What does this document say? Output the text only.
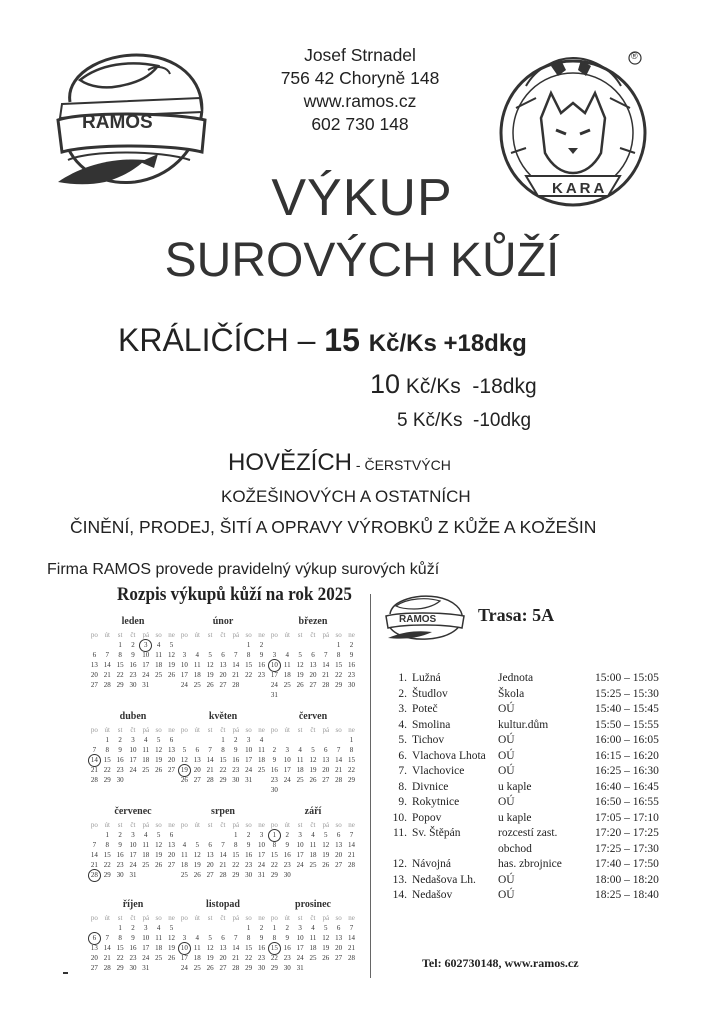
RAMOS
KARA
®
Josef Strnadel
756 42 Choryně 148
www.ramos.cz
602 730 148
VÝKUP
SUROVÝCH KŮŽÍ
KRÁLIČÍCH – 15 Kč/Ks +18dkg
10 Kč/Ks  -18dkg
5 Kč/Ks  -10dkg
HOVĚZÍCH - ČERSTVÝCH
KOŽEŠINOVÝCH A OSTATNÍCH
ČINĚNÍ, PRODEJ, ŠITÍ A OPRAVY VÝROBKŮ Z KŮŽE A KOŽEŠIN
Firma RAMOS provede pravidelný výkup surových kůží
Rozpis výkupů kůží na rok 2025
leden
po	út	st	čt	pá	so	ne
		1	2	3	4	5
6	7	8	9	10	11	12
13	14	15	16	17	18	19
20	21	22	23	24	25	26
27	28	29	30	31		
únor
po	út	st	čt	pá	so	ne
					1	2
3	4	5	6	7	8	9
10	11	12	13	14	15	16
17	18	19	20	21	22	23
24	25	26	27	28		
březen
po	út	st	čt	pá	so	ne
					1	2
3	4	5	6	7	8	9
10	11	12	13	14	15	16
17	18	19	20	21	22	23
24	25	26	27	28	29	30
31						
duben
po	út	st	čt	pá	so	ne
	1	2	3	4	5	6
7	8	9	10	11	12	13
14	15	16	17	18	19	20
21	22	23	24	25	26	27
28	29	30				
květen
po	út	st	čt	pá	so	ne
			1	2	3	4
5	6	7	8	9	10	11
12	13	14	15	16	17	18
19	20	21	22	23	24	25
26	27	28	29	30	31	
červen
po	út	st	čt	pá	so	ne
						1
2	3	4	5	6	7	8
9	10	11	12	13	14	15
16	17	18	19	20	21	22
23	24	25	26	27	28	29
30						
červenec
po	út	st	čt	pá	so	ne
	1	2	3	4	5	6
7	8	9	10	11	12	13
14	15	16	17	18	19	20
21	22	23	24	25	26	27
28	29	30	31			
srpen
po	út	st	čt	pá	so	ne
				1	2	3
4	5	6	7	8	9	10
11	12	13	14	15	16	17
18	19	20	21	22	23	24
25	26	27	28	29	30	31
září
po	út	st	čt	pá	so	ne
1	2	3	4	5	6	7
8	9	10	11	12	13	14
15	16	17	18	19	20	21
22	23	24	25	26	27	28
29	30					
říjen
po	út	st	čt	pá	so	ne
		1	2	3	4	5
6	7	8	9	10	11	12
13	14	15	16	17	18	19
20	21	22	23	24	25	26
27	28	29	30	31		
listopad
po	út	st	čt	pá	so	ne
					1	2
3	4	5	6	7	8	9
10	11	12	13	14	15	16
17	18	19	20	21	22	23
24	25	26	27	28	29	30
prosinec
po	út	st	čt	pá	so	ne
1	2	3	4	5	6	7
8	9	10	11	12	13	14
15	16	17	18	19	20	21
22	23	24	25	26	27	28
29	30	31				
RAMOS Trasa: 5A
1.	Lužná	Jednota	15:00 – 15:05
2.	Študlov	Škola	15:25 – 15:30
3.	Poteč	OÚ	15:40 – 15:45
4.	Smolina	kultur.dům	15:50 – 15:55
5.	Tichov	OÚ	16:00 – 16:05
6.	Vlachova Lhota	OÚ	16:15 – 16:20
7.	Vlachovice	OÚ	16:25 – 16:30
8.	Divnice	u kaple	16:40 – 16:45
9.	Rokytnice	OÚ	16:50 – 16:55
10.	Popov	u kaple	17:05 – 17:10
11.	Sv. Štěpán	rozcestí zast.	17:20 – 17:25
		obchod	17:25 – 17:30
12.	Návojná	has. zbrojnice	17:40 – 17:50
13.	Nedašova Lh.	OÚ	18:00 – 18:20
14.	Nedašov	OÚ	18:25 – 18:40
Tel: 602730148, www.ramos.cz
